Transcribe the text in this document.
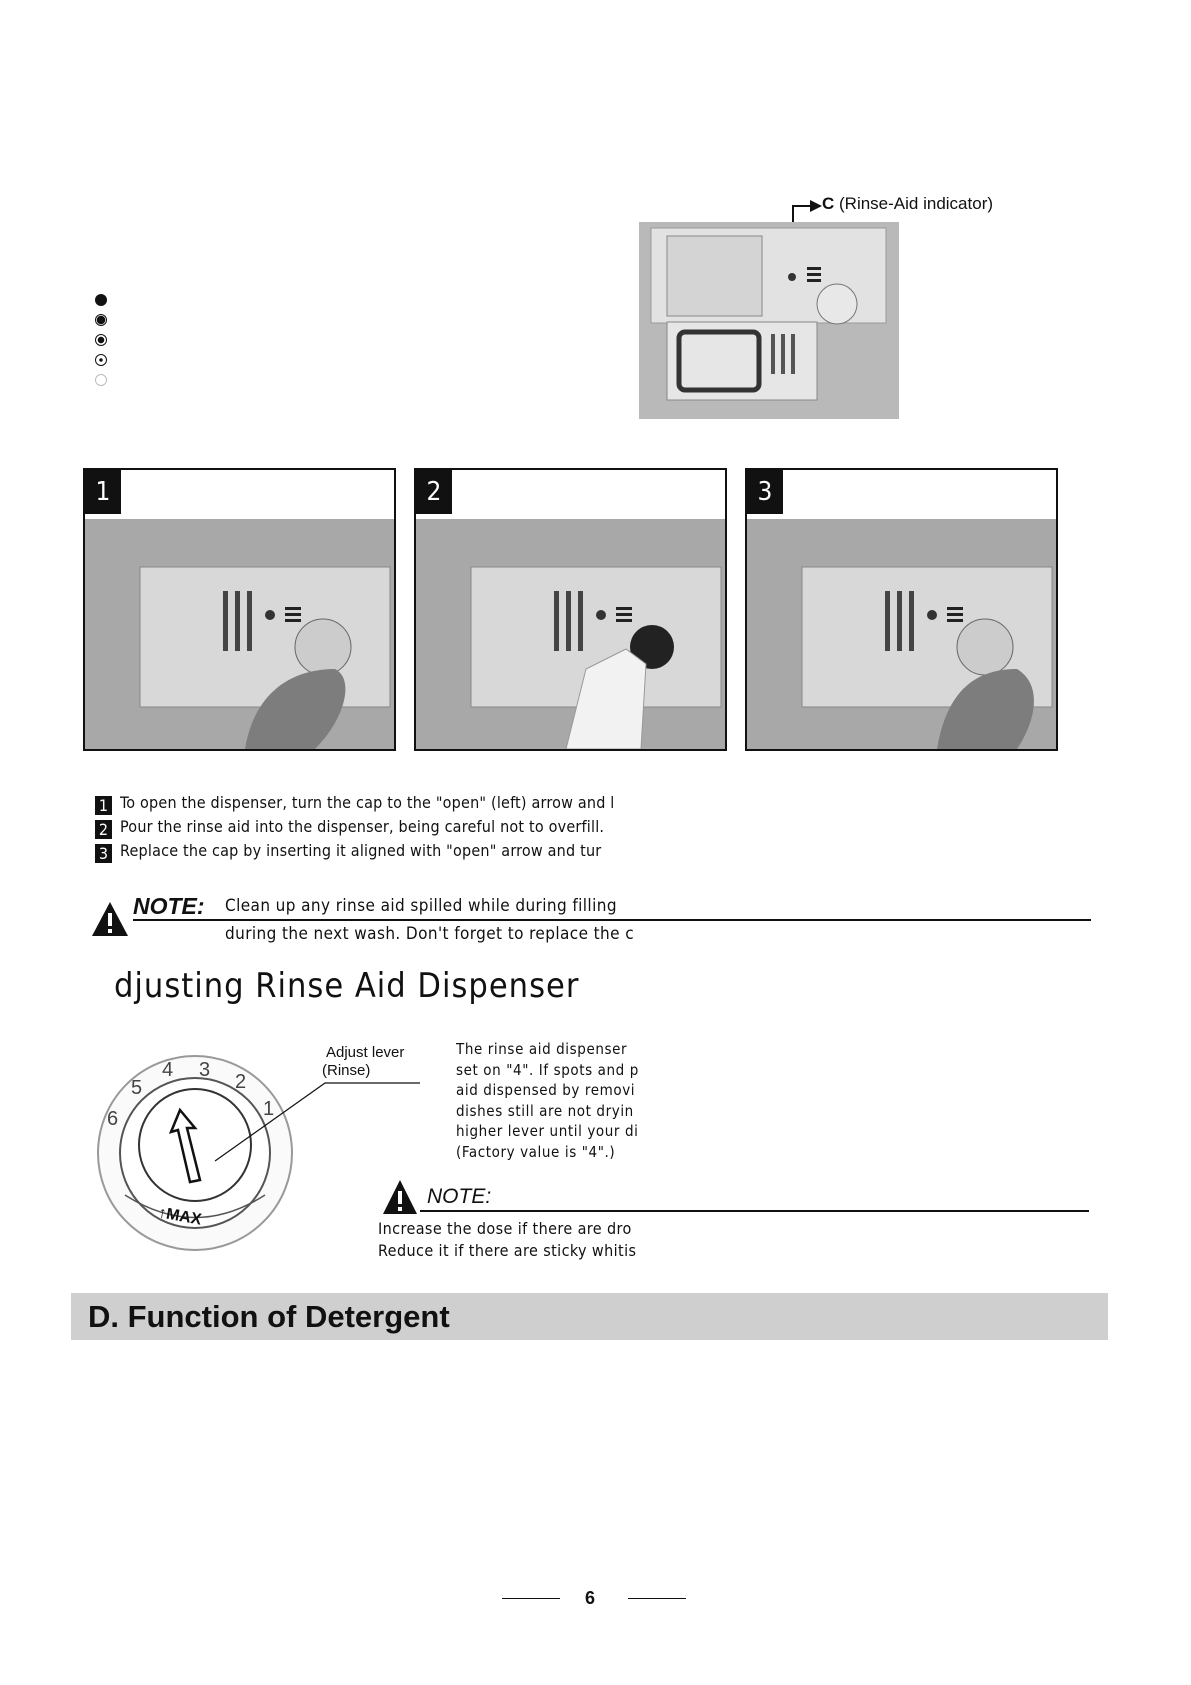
C (Rinse-Aid indicator)
1	2	3
1 To open the dispenser, turn the cap to the "open" (left) arrow and l
2 Pour the rinse aid into the dispenser, being careful not to overfill.
3 Replace the cap by inserting it aligned with "open" arrow and tur
NOTE: Clean up any rinse aid spilled while during filling
during the next wash. Don't forget to replace the c
djusting Rinse Aid Dispenser
1
2
3
4
5
6
↑MAX
Adjust lever
(Rinse)
The rinse aid dispenser
set on "4". If spots and p
aid dispensed by removi
dishes still are not dryin
higher lever until your di
(Factory value is "4".)
NOTE:
Increase the dose if there are dro
Reduce it if there are sticky whitis
D. Function of Detergent
6
